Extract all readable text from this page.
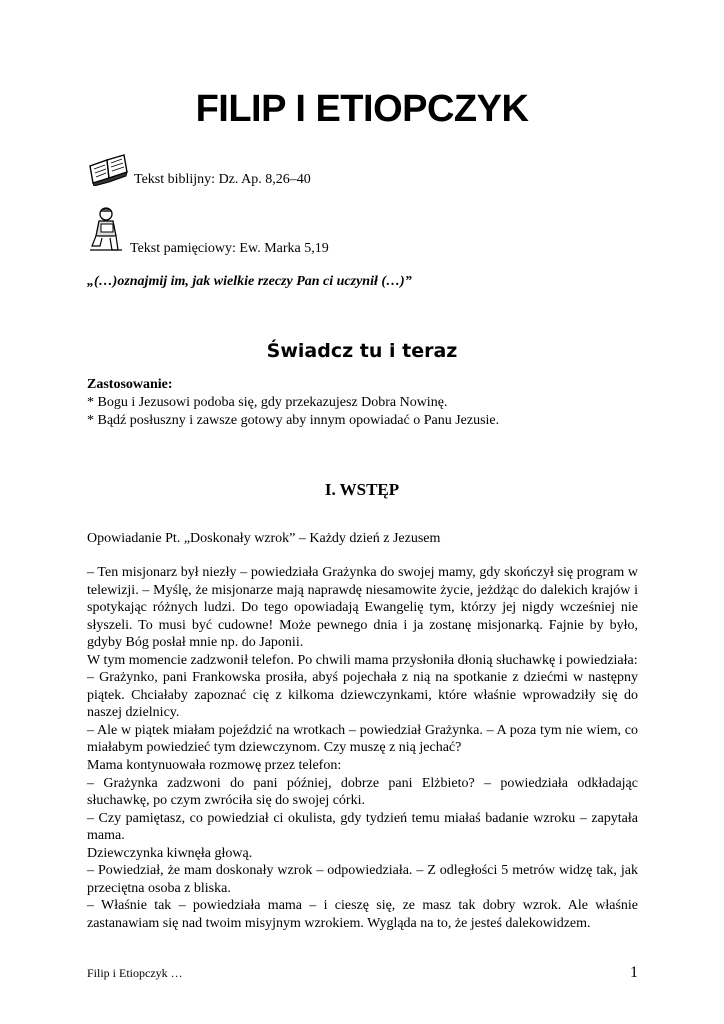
FILIP I ETIOPCZYK
Tekst biblijny: Dz. Ap. 8,26–40
Tekst pamięciowy: Ew. Marka 5,19
„(…)oznajmij im, jak wielkie rzeczy Pan ci uczynił (…)”
Świadcz tu i teraz
Zastosowanie:
* Bogu i Jezusowi podoba się, gdy przekazujesz Dobra Nowinę.
* Bądź posłuszny i zawsze gotowy aby innym opowiadać o Panu Jezusie.
I. WSTĘP
Opowiadanie Pt. „Doskonały wzrok” – Każdy dzień z Jezusem

– Ten misjonarz był niezły – powiedziała Grażynka do swojej mamy, gdy skończył się program w telewizji. – Myślę, że misjonarze mają naprawdę niesamowite życie, jeżdżąc do dalekich krajów i spotykając różnych ludzi. Do tego opowiadają Ewangelię tym, którzy jej nigdy wcześniej nie słyszeli. To musi być cudowne! Może pewnego dnia i ja zostanę misjonarką. Fajnie by było, gdyby Bóg posłał mnie np. do Japonii.

W tym momencie zadzwonił telefon. Po chwili mama przysłoniła dłonią słuchawkę i powiedziała:

– Grażynko, pani Frankowska prosiła, abyś pojechała z nią na spotkanie z dziećmi w następny piątek. Chciałaby zapoznać cię z kilkoma dziewczynkami, które właśnie wprowadziły się do naszej dzielnicy.

– Ale w piątek miałam pojeździć na wrotkach – powiedział Grażynka. – A poza tym nie wiem, co miałabym powiedzieć tym dziewczynom. Czy muszę z nią jechać?

Mama kontynuowała rozmowę przez telefon:

– Grażynka zadzwoni do pani później, dobrze pani Elżbieto? – powiedziała odkładając słuchawkę, po czym zwróciła się do swojej córki.

– Czy pamiętasz, co powiedział ci okulista, gdy tydzień temu miałaś badanie wzroku – zapytała mama.

Dziewczynka kiwnęła głową.

– Powiedział, że mam doskonały wzrok – odpowiedziała. – Z odległości 5 metrów widzę tak, jak przeciętna osoba z bliska.

– Właśnie tak – powiedziała mama – i cieszę się, ze masz tak dobry wzrok. Ale właśnie zastanawiam się nad twoim misyjnym wzrokiem. Wygląda na to, że jesteś dalekowidzem.

Filip i Etiopczyk …	1
